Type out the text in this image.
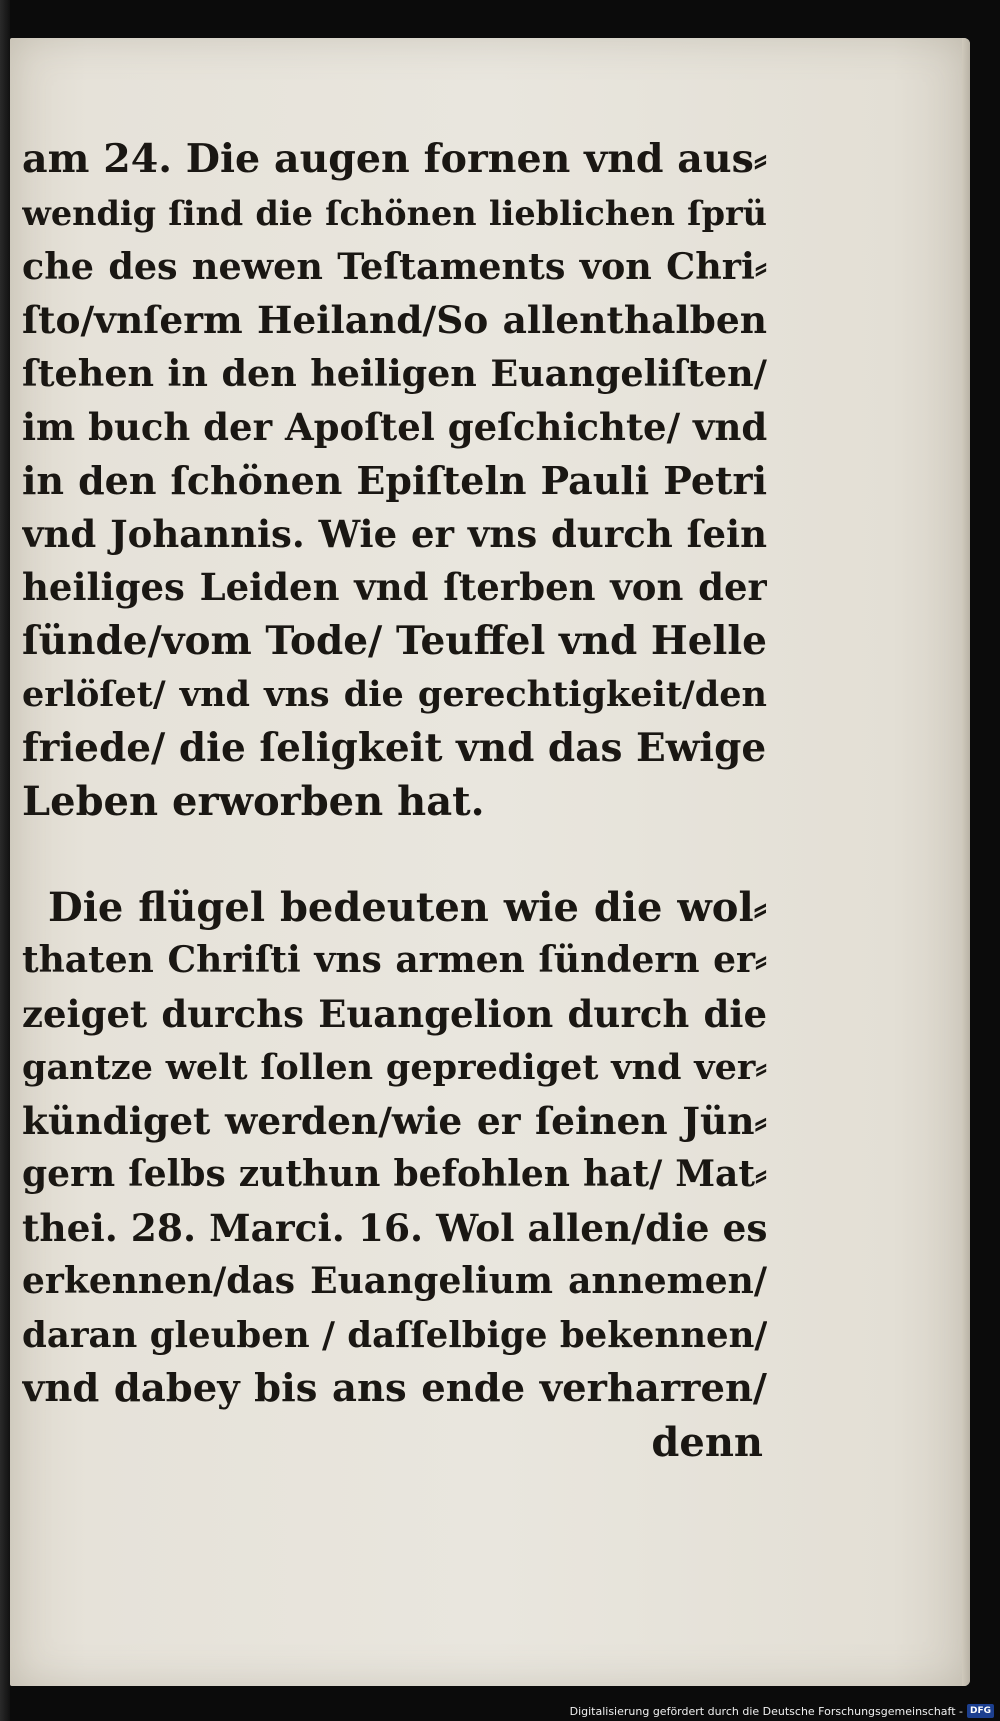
am 24. Die augen fornen vnd aus⸗
wendig ſind die ſchönen lieblichen ſprü
che des newen Teſtaments von Chri⸗
ſto/vnſerm Heiland/So allenthalben
ſtehen in den heiligen Euangeliſten/
im buch der Apoſtel geſchichte/ vnd
in den ſchönen Epiſteln Pauli Petri
vnd Johannis. Wie er vns durch ſein
heiliges Leiden vnd ſterben von der
ſünde/vom Tode/ Teuffel vnd Helle
erlöſet/ vnd vns die gerechtigkeit/den
friede/ die ſeligkeit vnd das Ewige
Leben erworben hat.
Die flügel bedeuten wie die wol⸗
thaten Chriſti vns armen ſündern er⸗
zeiget durchs Euangelion durch die
gantze welt ſollen geprediget vnd ver⸗
kündiget werden/wie er ſeinen Jün⸗
gern ſelbs zuthun befohlen hat/ Mat⸗
thei. 28. Marci. 16. Wol allen/die es
erkennen/das Euangelium annemen/
daran gleuben / daſſelbige bekennen/
vnd dabey bis ans ende verharren/
denn
Digitalisierung gefördert durch die Deutsche Forschungsgemeinschaft - DFG
